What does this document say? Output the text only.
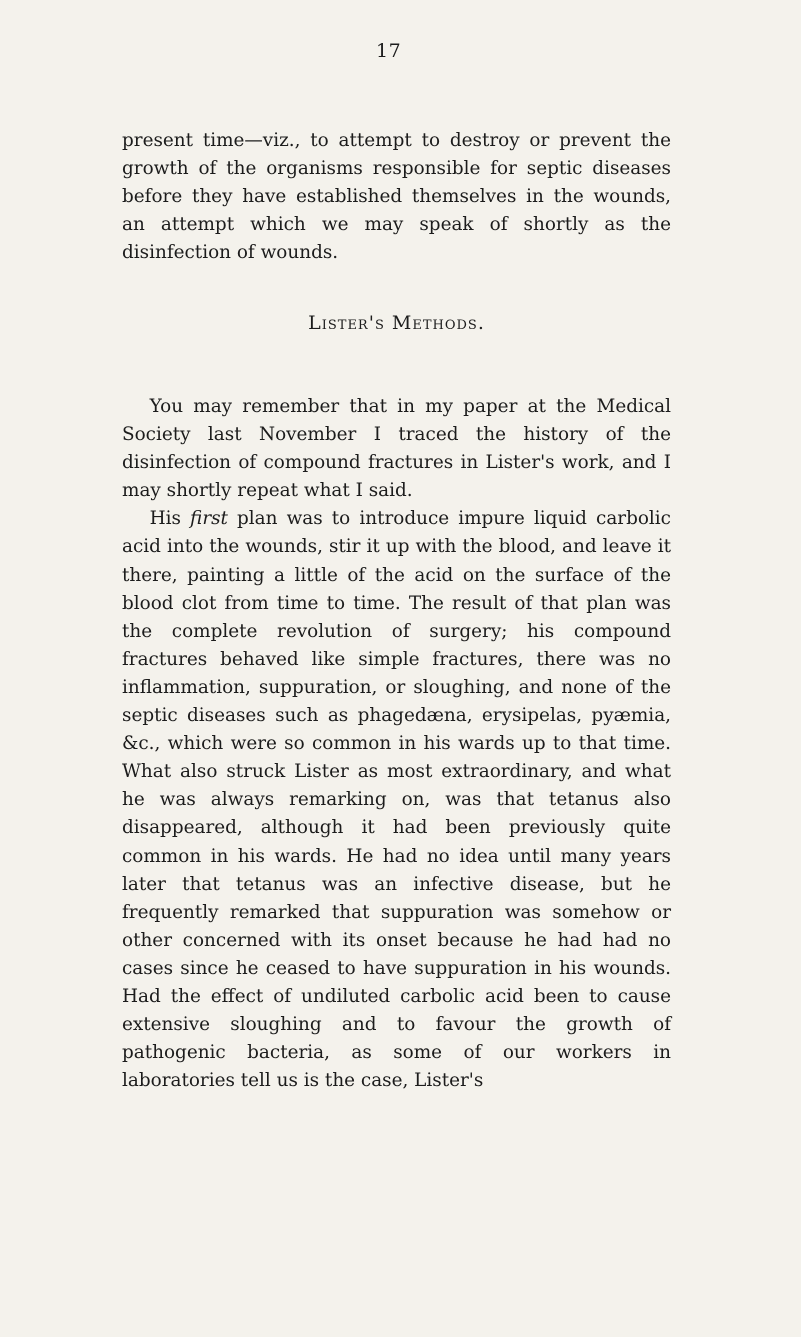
17

present time—viz., to attempt to destroy or prevent the growth of the organisms responsible for septic diseases before they have established themselves in the wounds, an attempt which we may speak of shortly as the disinfection of wounds.

Lister's Methods.

You may remember that in my paper at the Medical Society last November I traced the history of the disinfection of compound fractures in Lister's work, and I may shortly repeat what I said.

His first plan was to introduce impure liquid carbolic acid into the wounds, stir it up with the blood, and leave it there, painting a little of the acid on the surface of the blood clot from time to time. The result of that plan was the complete revolution of surgery; his compound fractures behaved like simple fractures, there was no inflammation, suppuration, or sloughing, and none of the septic diseases such as phagedæna, erysipelas, pyæmia, &c., which were so common in his wards up to that time. What also struck Lister as most extraordinary, and what he was always remarking on, was that tetanus also disappeared, although it had been previously quite common in his wards. He had no idea until many years later that tetanus was an infective disease, but he frequently remarked that suppuration was somehow or other concerned with its onset because he had had no cases since he ceased to have suppuration in his wounds. Had the effect of undiluted carbolic acid been to cause extensive sloughing and to favour the growth of pathogenic bacteria, as some of our workers in laboratories tell us is the case, Lister's
